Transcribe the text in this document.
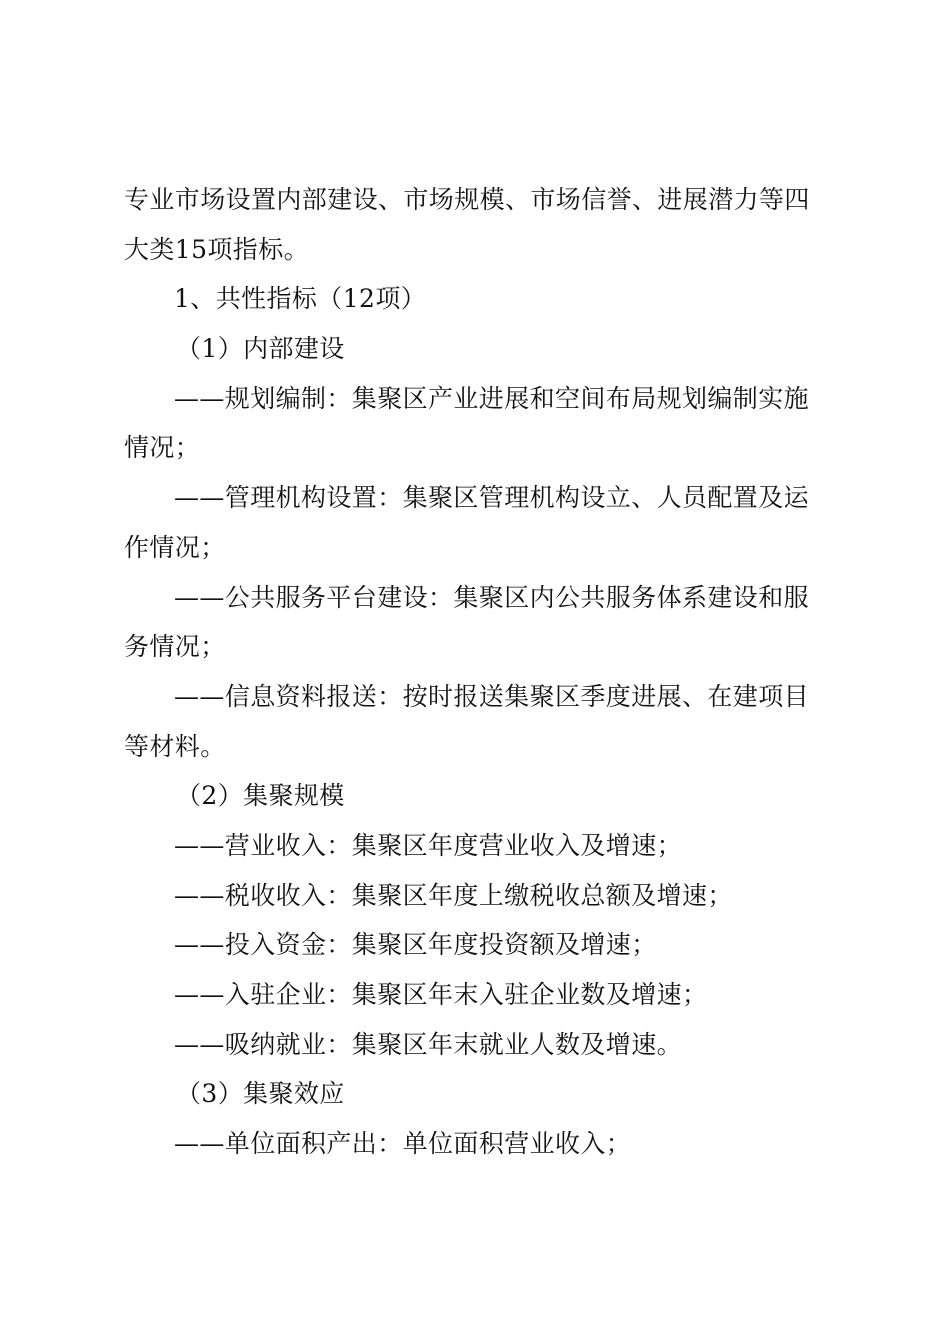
专业市场设置内部建设、市场规模、市场信誉、进展潜力等四
大类15项指标。
1、共性指标（12项）
（1）内部建设
——规划编制：集聚区产业进展和空间布局规划编制实施
情况；
——管理机构设置：集聚区管理机构设立、人员配置及运
作情况；
——公共服务平台建设：集聚区内公共服务体系建设和服
务情况；
——信息资料报送：按时报送集聚区季度进展、在建项目
等材料。
（2）集聚规模
——营业收入：集聚区年度营业收入及增速；
——税收收入：集聚区年度上缴税收总额及增速；
——投入资金：集聚区年度投资额及增速；
——入驻企业：集聚区年末入驻企业数及增速；
——吸纳就业：集聚区年末就业人数及增速。
（3）集聚效应
——单位面积产出：单位面积营业收入；
